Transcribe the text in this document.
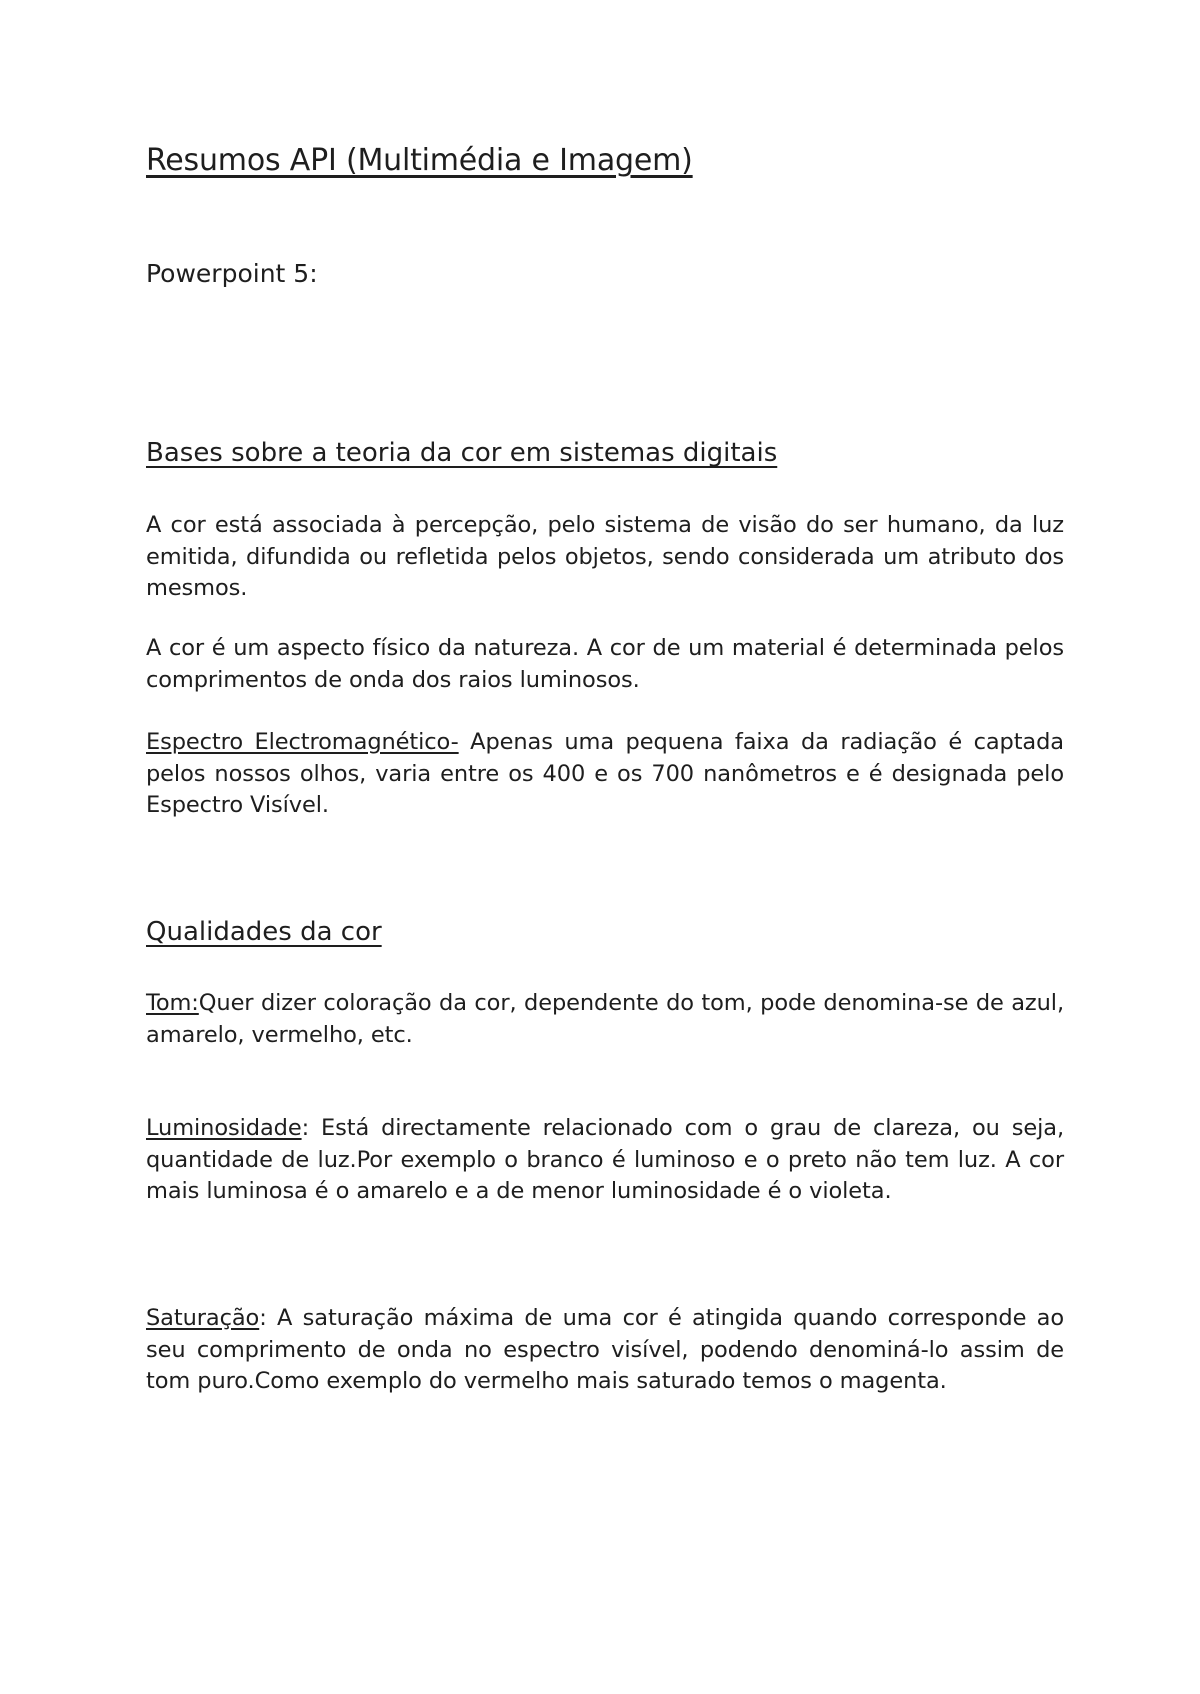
Resumos API (Multimédia e Imagem)
Powerpoint 5:
Bases sobre a teoria da cor em sistemas digitais

A cor está associada à percepção, pelo sistema de visão do ser humano, da luz emitida, difundida ou refletida pelos objetos, sendo considerada um atributo dos mesmos.

A cor é um aspecto físico da natureza. A cor de um material é determinada pelos comprimentos de onda dos raios luminosos.

Espectro Electromagnético- Apenas uma pequena faixa da radiação é captada pelos nossos olhos, varia entre os 400 e os 700 nanômetros e é designada pelo Espectro Visível.

Qualidades da cor

Tom:Quer dizer coloração da cor, dependente do tom, pode denomina-se de azul, amarelo, vermelho, etc.

Luminosidade: Está directamente relacionado com o grau de clareza, ou seja, quantidade de luz.Por exemplo o branco é luminoso e o preto não tem luz. A cor mais luminosa é o amarelo e a de menor luminosidade é o violeta.

Saturação: A saturação máxima de uma cor é atingida quando corresponde ao seu comprimento de onda no espectro visível, podendo denominá-lo assim de tom puro.Como exemplo do vermelho mais saturado temos o magenta.
